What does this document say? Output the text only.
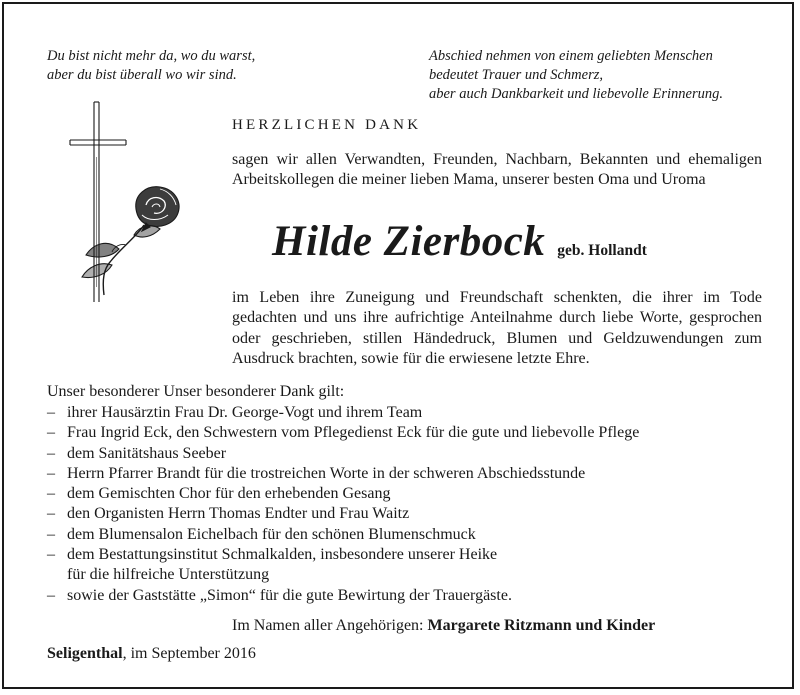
Du bist nicht mehr da, wo du warst,
aber du bist überall wo wir sind.
Abschied nehmen von einem geliebten Menschen
bedeutet Trauer und Schmerz,
aber auch Dankbarkeit und liebevolle Erinnerung.
HERZLICHEN DANK
sagen wir allen Verwandten, Freunden, Nachbarn, Bekannten und ehemaligen Arbeitskollegen die meiner lieben Mama, unserer besten Oma und Uroma
Hilde Zierbock geb. Hollandt
im Leben ihre Zuneigung und Freundschaft schenkten, die ihrer im Tode gedachten und uns ihre aufrichtige Anteilnahme durch liebe Worte, gesprochen oder geschrieben, stillen Händedruck, Blumen und Geldzuwendungen zum Ausdruck brachten, sowie für die erwiesene letzte Ehre.
Unser besonderer Unser besonderer Dank gilt:
– ihrer Hausärztin Frau Dr. George-Vogt und ihrem Team
– Frau Ingrid Eck, den Schwestern vom Pflegedienst Eck für die gute und liebevolle Pflege
– dem Sanitätshaus Seeber
– Herrn Pfarrer Brandt für die trostreichen Worte in der schweren Abschiedsstunde
– dem Gemischten Chor für den erhebenden Gesang
– den Organisten Herrn Thomas Endter und Frau Waitz
– dem Blumensalon Eichelbach für den schönen Blumenschmuck
– dem Bestattungsinstitut Schmalkalden, insbesondere unserer Heike
für die hilfreiche Unterstützung
– sowie der Gaststätte „Simon“ für die gute Bewirtung der Trauergäste.
Im Namen aller Angehörigen: Margarete Ritzmann und Kinder
Seligenthal, im September 2016
